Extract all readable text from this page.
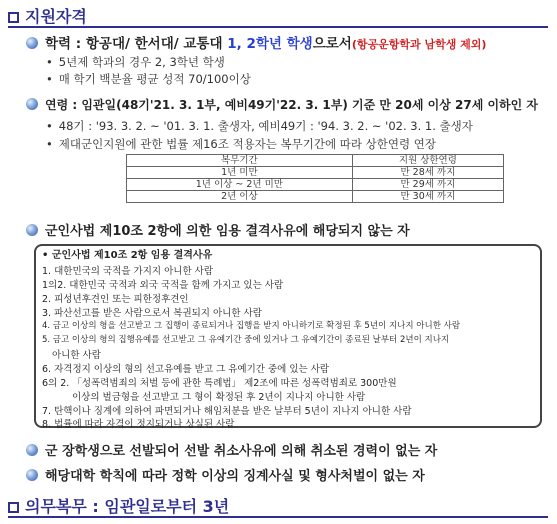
지원자격
학력 : 항공대/ 한서대/ 교통대 1, 2학년 학생으로서(항공운항학과 남학생 제외)
• 5년제 학과의 경우 2, 3학년 학생
• 매 학기 백분율 평균 성적 70/100이상
연령 : 임관일(48기'21. 3. 1부, 예비49기'22. 3. 1부) 기준 만 20세 이상 27세 이하인 자
• 48기 : '93. 3. 2. ~ '01. 3. 1. 출생자, 예비49기 : '94. 3. 2. ~ '02. 3. 1. 출생자
• 제대군인지원에 관한 법률 제16조 적용자는 복무기간에 따라 상한연령 연장
복무기간	지원 상한연령
1년 미만	만 28세 까지
1년 이상 ~ 2년 미만	만 29세 까지
2년 이상	만 30세 까지
군인사법 제10조 2항에 의한 임용 결격사유에 해당되지 않는 자
• 군인사법 제10조 2항 임용 결격사유
1. 대한민국의 국적을 가지지 아니한 사람
1의2. 대한민국 국적과 외국 국적을 함께 가지고 있는 사람
2. 피성년후견인 또는 피한정후견인
3. 파산선고를 받은 사람으로서 복권되지 아니한 사람
4. 금고 이상의 형을 선고받고 그 집행이 종료되거나 집행을 받지 아니하기로 확정된 후 5년이 지나지 아니한 사람
5. 금고 이상의 형의 집행유예를 선고받고 그 유예기간 중에 있거나 그 유예기간이 종료된 날부터 2년이 지나지
아니한 사람
6. 자격정지 이상의 형의 선고유예를 받고 그 유예기간 중에 있는 사람
6의 2. 「성폭력범죄의 처벌 등에 관한 특례법」 제2조에 따른 성폭력범죄로 300만원
이상의 벌금형을 선고받고 그 형이 확정된 후 2년이 지나지 아니한 사람
7. 탄핵이나 징계에 의하여 파면되거나 해임처분을 받은 날부터 5년이 지나지 아니한 사람
8. 법률에 따라 자격이 정지되거나 상실된 사람
군 장학생으로 선발되어 선발 취소사유에 의해 취소된 경력이 없는 자
해당대학 학칙에 따라 정학 이상의 징계사실 및 형사처벌이 없는 자
의무복무 : 임관일로부터 3년
